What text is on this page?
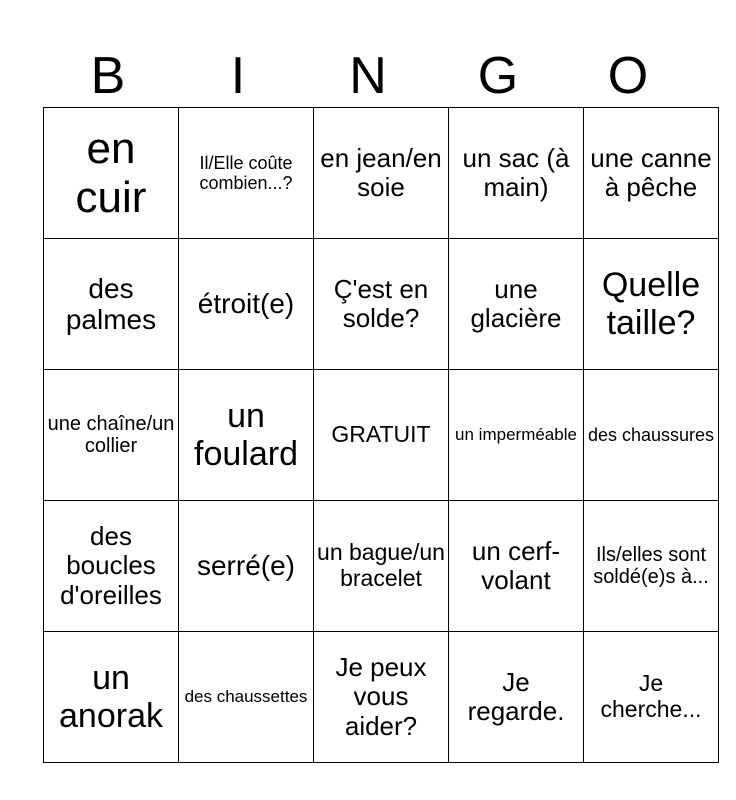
B	I	N	G	O
en cuir	Il/Elle coûte combien...?	en jean/en soie	un sac (à main)	une canne à pêche
des palmes	étroit(e)	Ç'est en solde?	une glacière	Quelle taille?
une chaîne/un collier	un foulard	GRATUIT	un imperméable	des chaussures
des boucles d'oreilles	serré(e)	un bague/un bracelet	un cerf-volant	Ils/elles sont soldé(e)s à...
un anorak	des chaussettes	Je peux vous aider?	Je regarde.	Je cherche...
